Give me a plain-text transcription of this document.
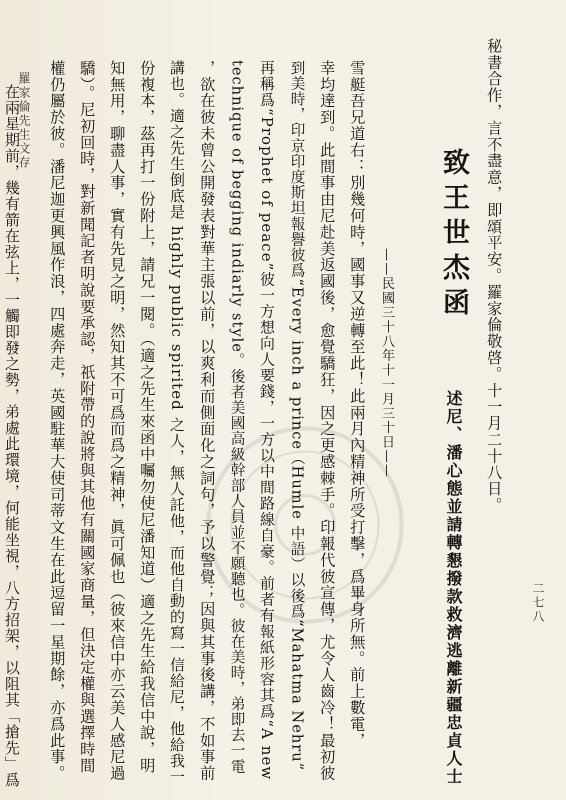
羅家倫先生文存
二七八
秘書合作，言不盡意，即頌平安。羅家倫敬啓。十一月二十八日。
致王世杰函
述尼、潘心態並請轉懇撥款救濟逃離新疆忠貞人士
——民國三十八年十一月三十日——
雪艇吾兄道右：別幾何時，國事又逆轉至此！此兩月內精神所受打擊，爲畢身所無。前上數電，
幸均達到。此間事由尼赴美返國後，愈覺驕狂，因之更感棘手。印報代彼宣傳，尤令人齒冷！最初彼
到美時，印京印度斯坦報譽彼爲“Every inch a prince（Humle 中語）以後爲“Mahatma Nehru”
再稱爲“Prophet of peace”彼一方想向人要錢，一方以中間路線自豪。前者有報紙形容其爲“A new
technique of begging indiarly style。後者美國高級幹部人員並不願聽也。彼在美時，弟即去一電
，欲在彼未曾公開發表對華主張以前，以爽利而側面化之詞句，予以警覺；因與其事後講，不如事前
講也。適之先生倒底是 highly public spirited 之人，無人託他，而他自動的寫一信給尼，他給我一
份複本，茲再打一份附上，請兄一閱。（適之先生來函中囑勿使尼潘知道）適之先生給我信中說，明
知無用，聊盡人事，實有先見之明，然知其不可爲而爲之精神，眞可佩也（彼來信中亦云美人感尼過
驕）。尼初回時，對新聞記者明說要承認，祇附帶的說將與其他有關國家商量，但決定權與選擇時間
權仍屬於彼。潘尼迦更興風作浪，四處奔走，英國駐華大使司蒂文生在此逗留一星期餘，亦爲此事。
在兩星期前，幾有箭在弦上，一觸即發之勢，弟處此環境，何能坐視，八方招架，以阻其「搶先」爲
